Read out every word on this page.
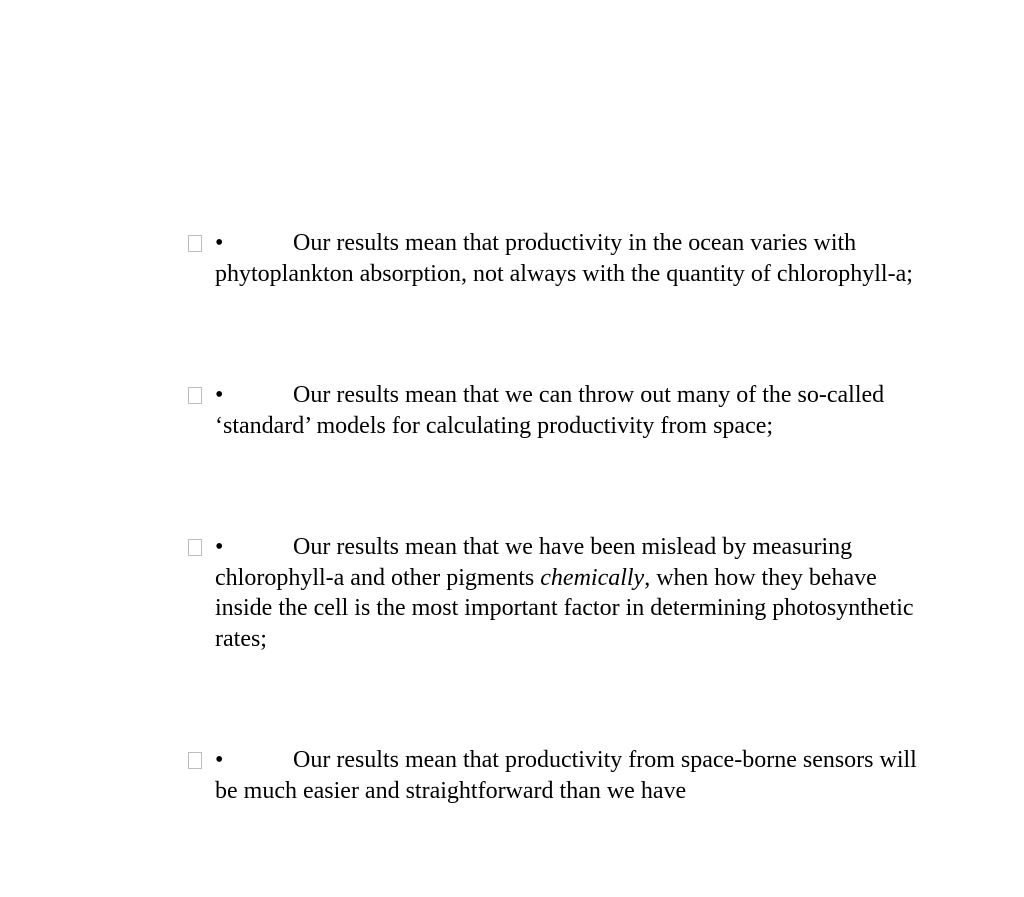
•	Our results mean that productivity in the ocean varies with phytoplankton absorption, not always with the quantity of chlorophyll-a;
•	Our results mean that we can throw out many of the so-called ‘standard’ models for calculating productivity from space;
•	Our results mean that we have been mislead by measuring chlorophyll-a and other pigments chemically, when how they behave inside the cell is the most important factor in determining photosynthetic rates;
•	Our results mean that productivity from space-borne sensors will be much easier and straightforward than we have
